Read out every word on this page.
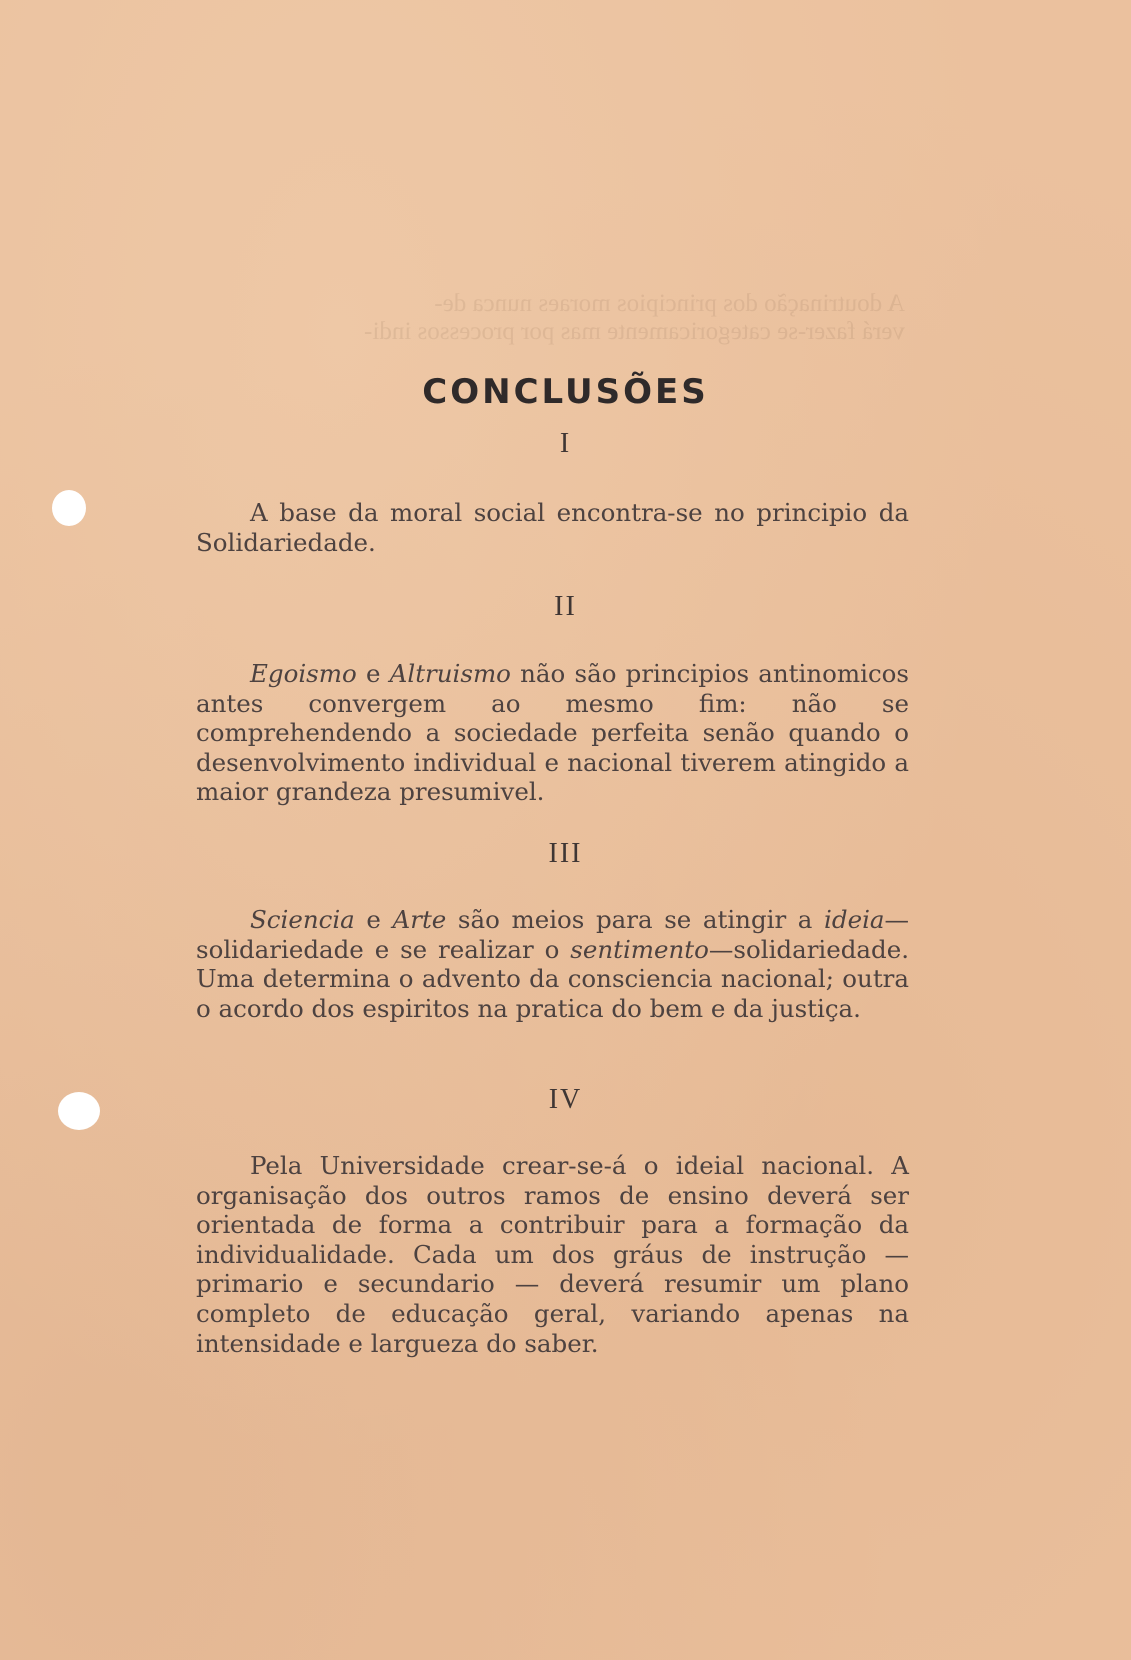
A doutrinação dos principios moraes nunca de-
verá fazer-se categoricamente mas por processos indi-
CONCLUSÕES
I

A base da moral social encontra-se no principio da Solidariedade.

II

Egoismo e Altruismo não são principios antinomicos antes convergem ao mesmo fim: não se comprehendendo a sociedade perfeita senão quando o desenvolvimento individual e nacional tiverem atingido a maior grandeza presumivel.

III

Sciencia e Arte são meios para se atingir a ideia—solidariedade e se realizar o sentimento—solidariedade. Uma determina o advento da consciencia nacional; outra o acordo dos espiritos na pratica do bem e da justiça.

IV

Pela Universidade crear-se-á o ideial nacional. A organisação dos outros ramos de ensino deverá ser orientada de forma a contribuir para a formação da individualidade. Cada um dos gráus de instrução — primario e secundario — deverá resumir um plano completo de educação geral, variando apenas na intensidade e largueza do saber.
